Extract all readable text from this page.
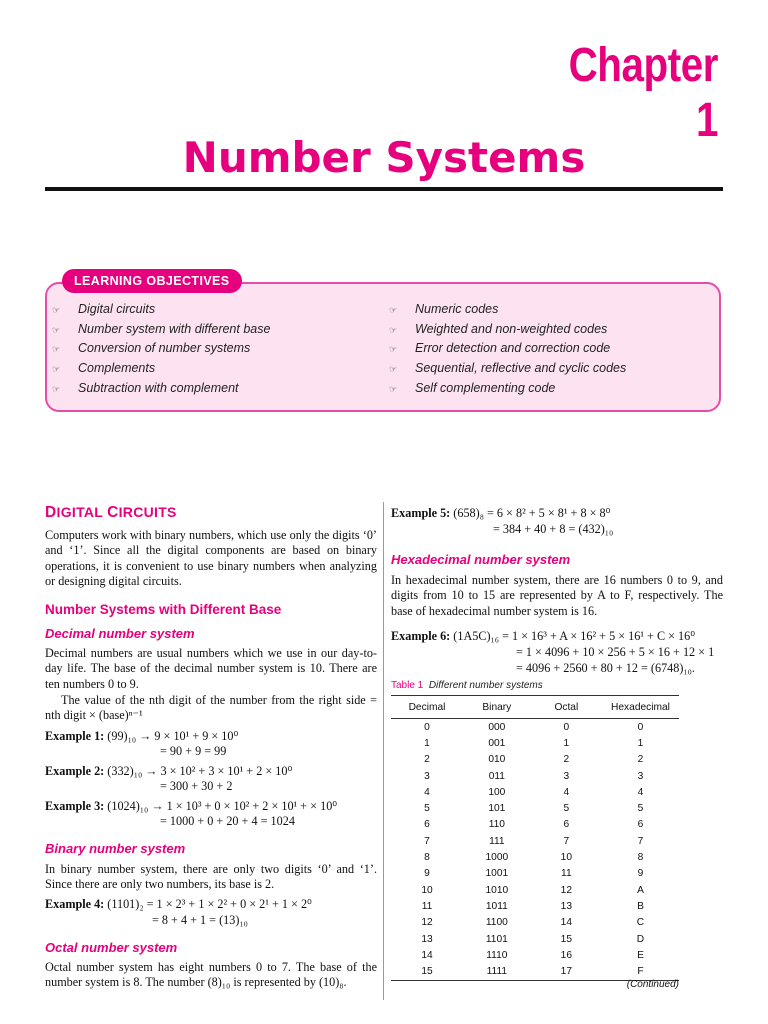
Chapter 1
Number Systems
LEARNING OBJECTIVES
☞ Digital circuits
☞ Number system with different base
☞ Conversion of number systems
☞ Complements
☞ Subtraction with complement
☞ Numeric codes
☞ Weighted and non-weighted codes
☞ Error detection and correction code
☞ Sequential, reflective and cyclic codes
☞ Self complementing code
DIGITAL CIRCUITS
Computers work with binary numbers, which use only the digits ‘0’ and ‘1’. Since all the digital components are based on binary operations, it is convenient to use binary numbers when analyzing or designing digital circuits.
Number Systems with Different Base
Decimal number system
Decimal numbers are usual numbers which we use in our day-to-day life. The base of the decimal number system is 10. There are ten numbers 0 to 9.
The value of the nth digit of the number from the right side = nth digit × (base)ⁿ⁻¹
Example 1: (99)₁₀ → 9 × 10¹ + 9 × 10⁰
= 90 + 9 = 99
Example 2: (332)₁₀ → 3 × 10² + 3 × 10¹ + 2 × 10⁰
= 300 + 30 + 2
Example 3: (1024)₁₀ → 1 × 10³ + 0 × 10² + 2 × 10¹ + × 10⁰
= 1000 + 0 + 20 + 4 = 1024
Binary number system
In binary number system, there are only two digits ‘0’ and ‘1’. Since there are only two numbers, its base is 2.
Example 4: (1101)₂ = 1 × 2³ + 1 × 2² + 0 × 2¹ + 1 × 2⁰
= 8 + 4 + 1 = (13)₁₀
Octal number system
Octal number system has eight numbers 0 to 7. The base of the number system is 8. The number (8)₁₀ is represented by (10)₈.
Example 5: (658)₈ = 6 × 8² + 5 × 8¹ + 8 × 8⁰
= 384 + 40 + 8 = (432)₁₀
Hexadecimal number system
In hexadecimal number system, there are 16 numbers 0 to 9, and digits from 10 to 15 are represented by A to F, respectively. The base of hexadecimal number system is 16.
Example 6: (1A5C)₁₆ = 1 × 16³ + A × 16² + 5 × 16¹ + C × 16⁰
= 1 × 4096 + 10 × 256 + 5 × 16 + 12 × 1
= 4096 + 2560 + 80 + 12 = (6748)₁₀.
Table 1 Different number systems
Decimal	Binary	Octal	Hexadecimal
0	000	0	0
1	001	1	1
2	010	2	2
3	011	3	3
4	100	4	4
5	101	5	5
6	110	6	6
7	111	7	7
8	1000	10	8
9	1001	11	9
10	1010	12	A
11	1011	13	B
12	1100	14	C
13	1101	15	D
14	1110	16	E
15	1111	17	F
(Continued)
